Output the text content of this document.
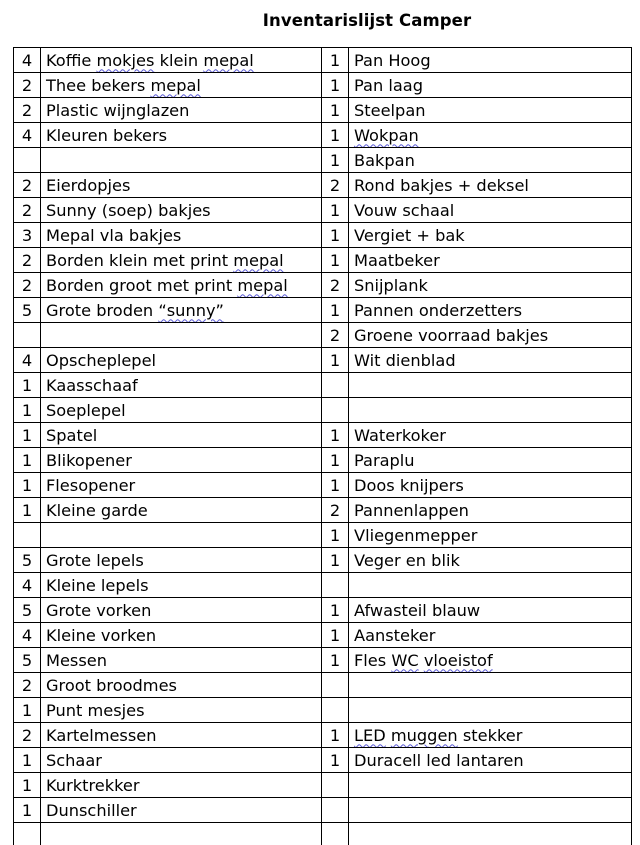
Inventarislijst Camper
4	Koffie mokjes klein mepal	1	Pan Hoog
2	Thee bekers mepal	1	Pan laag
2	Plastic wijnglazen	1	Steelpan
4	Kleuren bekers	1	Wokpan
		1	Bakpan
2	Eierdopjes	2	Rond bakjes + deksel
2	Sunny (soep) bakjes	1	Vouw schaal
3	Mepal vla bakjes	1	Vergiet + bak
2	Borden klein met print mepal	1	Maatbeker
2	Borden groot met print mepal	2	Snijplank
5	Grote broden “sunny”	1	Pannen onderzetters
		2	Groene voorraad bakjes
4	Opscheplepel	1	Wit dienblad
1	Kaasschaaf		
1	Soeplepel		
1	Spatel	1	Waterkoker
1	Blikopener	1	Paraplu
1	Flesopener	1	Doos knijpers
1	Kleine garde	2	Pannenlappen
		1	Vliegenmepper
5	Grote lepels	1	Veger en blik
4	Kleine lepels		
5	Grote vorken	1	Afwasteil blauw
4	Kleine vorken	1	Aansteker
5	Messen	1	Fles WC vloeistof
2	Groot broodmes		
1	Punt mesjes		
2	Kartelmessen	1	LED muggen stekker
1	Schaar	1	Duracell led lantaren
1	Kurktrekker		
1	Dunschiller		
